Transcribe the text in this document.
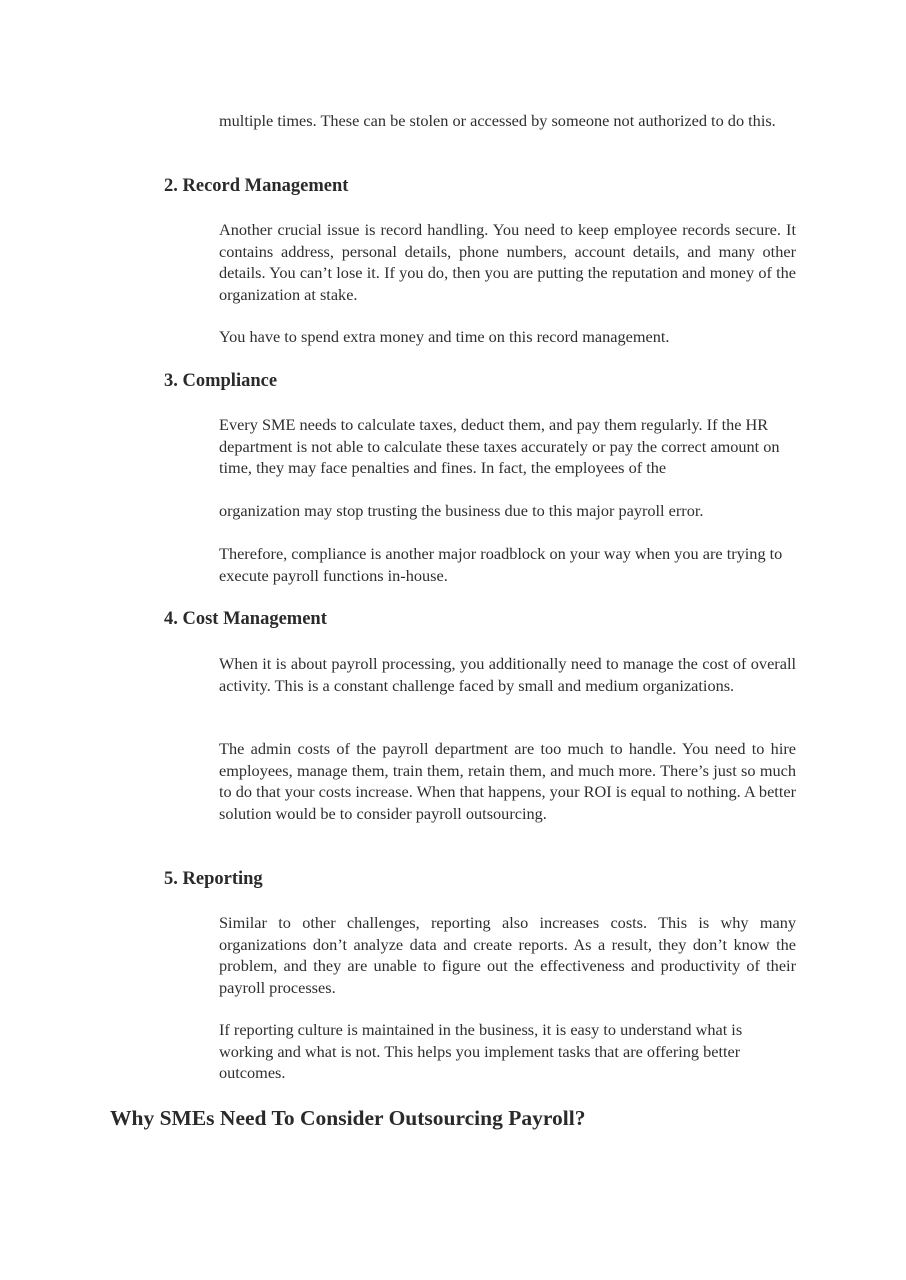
multiple times. These can be stolen or accessed by someone not authorized to do this.

2. Record Management

Another crucial issue is record handling. You need to keep employee records secure. It contains address, personal details, phone numbers, account details, and many other details. You can’t lose it. If you do, then you are putting the reputation and money of the organization at stake.

You have to spend extra money and time on this record management.

3. Compliance

Every SME needs to calculate taxes, deduct them, and pay them regularly. If the HR department is not able to calculate these taxes accurately or pay the correct amount on time, they may face penalties and fines. In fact, the employees of the

organization may stop trusting the business due to this major payroll error.

Therefore, compliance is another major roadblock on your way when you are trying to execute payroll functions in-house.

4. Cost Management

When it is about payroll processing, you additionally need to manage the cost of overall activity. This is a constant challenge faced by small and medium organizations.

The admin costs of the payroll department are too much to handle. You need to hire employees, manage them, train them, retain them, and much more. There’s just so much to do that your costs increase. When that happens, your ROI is equal to nothing. A better solution would be to consider payroll outsourcing.

5. Reporting

Similar to other challenges, reporting also increases costs. This is why many organizations don’t analyze data and create reports. As a result, they don’t know the problem, and they are unable to figure out the effectiveness and productivity of their payroll processes.

If reporting culture is maintained in the business, it is easy to understand what is working and what is not. This helps you implement tasks that are offering better outcomes.

Why SMEs Need To Consider Outsourcing Payroll?
